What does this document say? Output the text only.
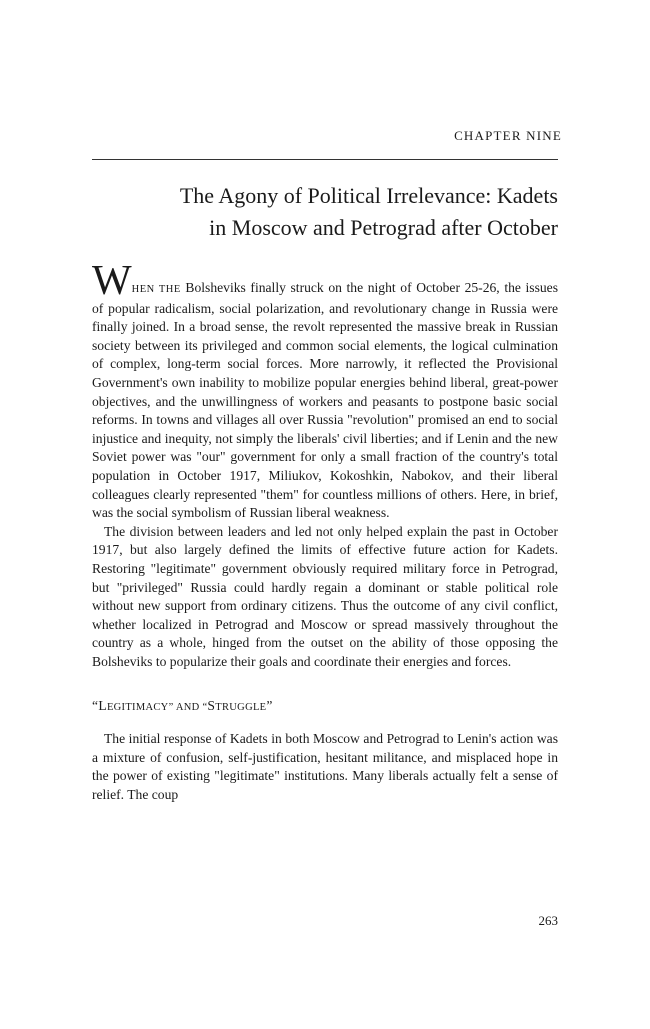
CHAPTER NINE
The Agony of Political Irrelevance: Kadets
in Moscow and Petrograd after October

WHEN THE Bolsheviks finally struck on the night of October 25-26, the issues of popular radicalism, social polarization, and revolutionary change in Russia were finally joined. In a broad sense, the revolt represented the massive break in Russian society between its privileged and common social elements, the logical culmination of complex, long-term social forces. More narrowly, it reflected the Provisional Government's own inability to mobilize popular energies behind liberal, great-power objectives, and the unwillingness of workers and peasants to postpone basic social reforms. In towns and villages all over Russia "revolution" promised an end to social injustice and inequity, not simply the liberals' civil liberties; and if Lenin and the new Soviet power was "our" government for only a small fraction of the country's total population in October 1917, Miliukov, Kokoshkin, Nabokov, and their liberal colleagues clearly represented "them" for countless millions of others. Here, in brief, was the social symbolism of Russian liberal weakness.

The division between leaders and led not only helped explain the past in October 1917, but also largely defined the limits of effective future action for Kadets. Restoring "legitimate" government obviously required military force in Petrograd, but "privileged" Russia could hardly regain a dominant or stable political role without new support from ordinary citizens. Thus the outcome of any civil conflict, whether localized in Petrograd and Moscow or spread massively throughout the country as a whole, hinged from the outset on the ability of those opposing the Bolsheviks to popularize their goals and coordinate their energies and forces.

“LEGITIMACY” AND “STRUGGLE”

The initial response of Kadets in both Moscow and Petrograd to Lenin's action was a mixture of confusion, self-justification, hesitant militance, and misplaced hope in the power of existing "legitimate" institutions. Many liberals actually felt a sense of relief. The coup

263
